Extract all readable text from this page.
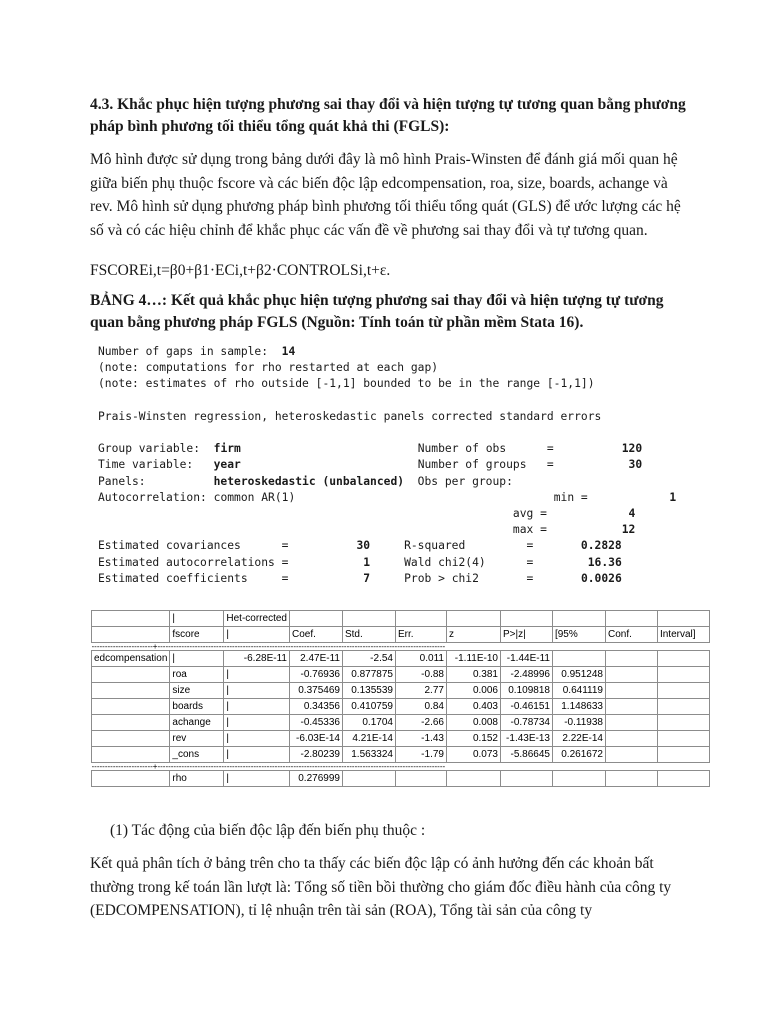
4.3. Khắc phục hiện tượng phương sai thay đổi và hiện tượng tự tương quan bằng phương pháp bình phương tối thiểu tổng quát khả thi (FGLS):

Mô hình được sử dụng trong bảng dưới đây là mô hình Prais-Winsten để đánh giá mối quan hệ giữa biến phụ thuộc fscore và các biến độc lập edcompensation, roa, size, boards, achange và rev. Mô hình sử dụng phương pháp bình phương tối thiểu tổng quát (GLS) để ước lượng các hệ số và có các hiệu chỉnh để khắc phục các vấn đề về phương sai thay đổi và tự tương quan.

FSCOREi,t=β0+β1·ECi,t+β2·CONTROLSi,t+ε.

BẢNG 4…: Kết quả khắc phục hiện tượng phương sai thay đổi và hiện tượng tự tương quan bằng phương pháp FGLS (Nguồn: Tính toán từ phần mềm Stata 16).

Number of gaps in sample: 14
(note: computations for rho restarted at each gap)
(note: estimates of rho outside [-1,1] bounded to be in the range [-1,1])

Prais-Winsten regression, heteroskedastic panels corrected standard errors

Group variable: firm	Number of obs      =          120
Time variable: year	Number of groups   =           30
Panels:	heteroskedastic (unbalanced) Obs per group:
Autocorrelation: common AR(1)	min =            1
avg =            4
max =           12
Estimated covariances      =          30	R-squared         =       0.2828
Estimated autocorrelations =           1	Wald chi2(4)      =        16.36
Estimated coefficients     =           7	Prob > chi2       =       0.0026
	|	Het-corrected								
	fscore	|	Coef.	Std.	Err.	z	P>|z|	[95%	Conf.	Interval]
-----------------------+------------------------------------------------------------------------------------------------------------										
edcompensation	|	-6.28E-11	2.47E-11	-2.54	0.011	-1.11E-10	-1.44E-11			
	roa	|	-0.76936	0.877875	-0.88	0.381	-2.48996	0.951248		
	size	|	0.375469	0.135539	2.77	0.006	0.109818	0.641119		
	boards	|	0.34356	0.410759	0.84	0.403	-0.46151	1.148633		
	achange	|	-0.45336	0.1704	-2.66	0.008	-0.78734	-0.11938		
	rev	|	-6.03E-14	4.21E-14	-1.43	0.152	-1.43E-13	2.22E-14		
	_cons	|	-2.80239	1.563324	-1.79	0.073	-5.86645	0.261672		
-----------------------+------------------------------------------------------------------------------------------------------------										
	rho	|	0.276999							

(1) Tác động của biến độc lập đến biến phụ thuộc :

Kết quả phân tích ở bảng trên cho ta thấy các biến độc lập có ảnh hưởng đến các khoản bất thường trong kế toán lần lượt là: Tổng số tiền bồi thường cho giám đốc điều hành của công ty (EDCOMPENSATION), tỉ lệ nhuận trên tài sản (ROA), Tổng tài sản của công ty
